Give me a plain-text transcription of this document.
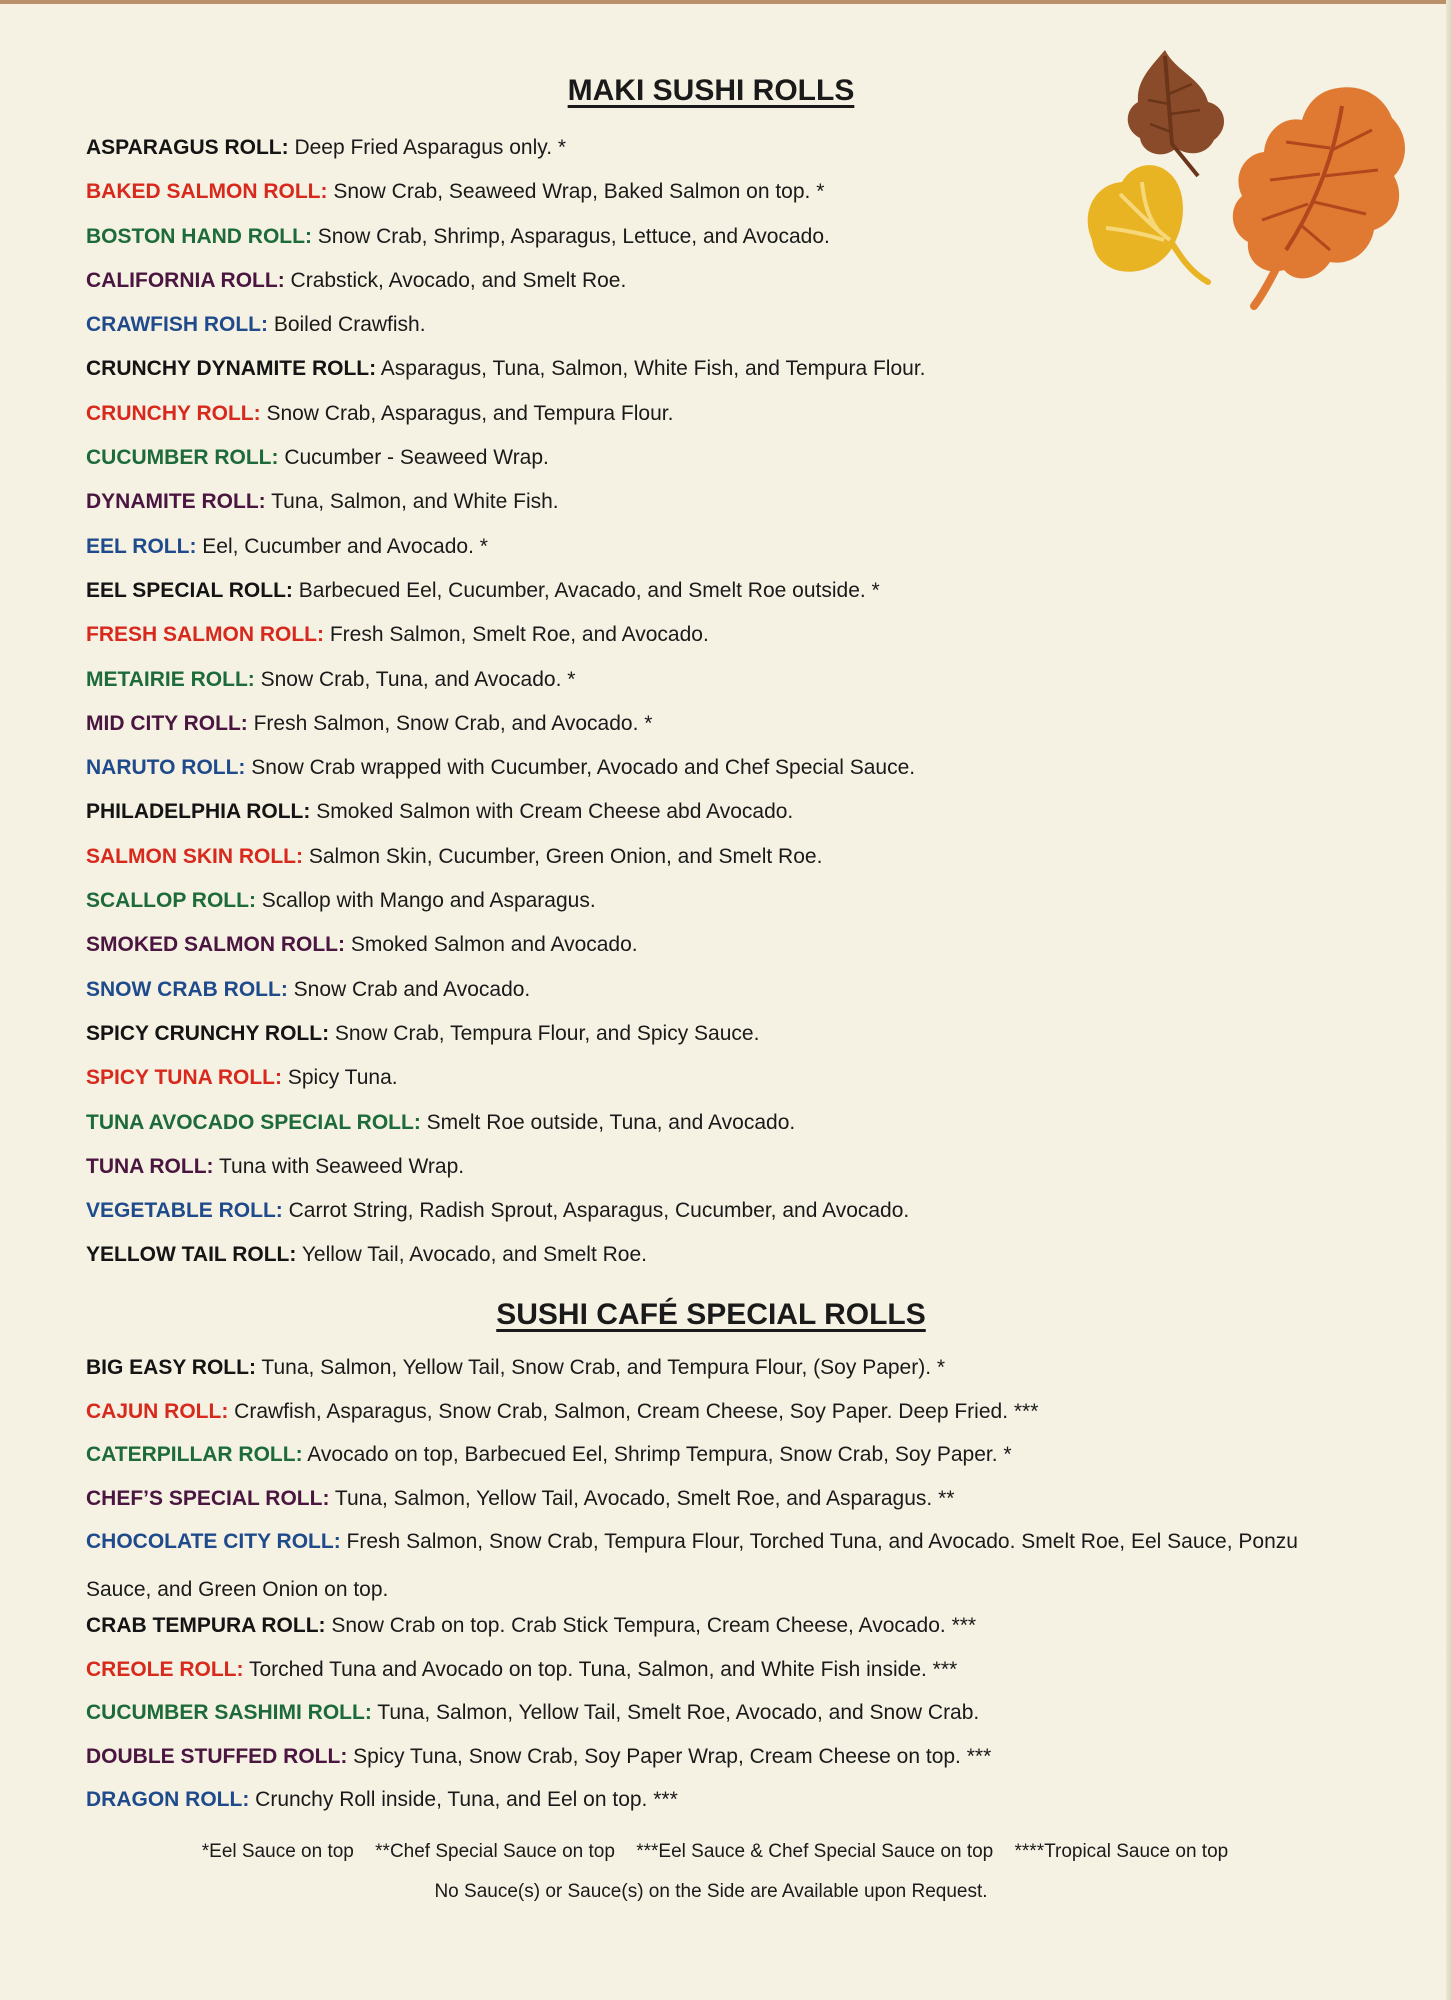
MAKI SUSHI ROLLS
ASPARAGUS ROLL: Deep Fried Asparagus only. *
BAKED SALMON ROLL: Snow Crab, Seaweed Wrap, Baked Salmon on top. *
BOSTON HAND ROLL: Snow Crab, Shrimp, Asparagus, Lettuce, and Avocado.
CALIFORNIA ROLL: Crabstick, Avocado, and Smelt Roe.
CRAWFISH ROLL: Boiled Crawfish.
CRUNCHY DYNAMITE ROLL: Asparagus, Tuna, Salmon, White Fish, and Tempura Flour.
CRUNCHY ROLL: Snow Crab, Asparagus, and Tempura Flour.
CUCUMBER ROLL: Cucumber - Seaweed Wrap.
DYNAMITE ROLL: Tuna, Salmon, and White Fish.
EEL ROLL: Eel, Cucumber and Avocado. *
EEL SPECIAL ROLL: Barbecued Eel, Cucumber, Avacado, and Smelt Roe outside. *
FRESH SALMON ROLL: Fresh Salmon, Smelt Roe, and Avocado.
METAIRIE ROLL: Snow Crab, Tuna, and Avocado. *
MID CITY ROLL: Fresh Salmon, Snow Crab, and Avocado. *
NARUTO ROLL: Snow Crab wrapped with Cucumber, Avocado and Chef Special Sauce.
PHILADELPHIA ROLL: Smoked Salmon with Cream Cheese abd Avocado.
SALMON SKIN ROLL: Salmon Skin, Cucumber, Green Onion, and Smelt Roe.
SCALLOP ROLL: Scallop with Mango and Asparagus.
SMOKED SALMON ROLL: Smoked Salmon and Avocado.
SNOW CRAB ROLL: Snow Crab and Avocado.
SPICY CRUNCHY ROLL: Snow Crab, Tempura Flour, and Spicy Sauce.
SPICY TUNA ROLL: Spicy Tuna.
TUNA AVOCADO SPECIAL ROLL: Smelt Roe outside, Tuna, and Avocado.
TUNA ROLL: Tuna with Seaweed Wrap.
VEGETABLE ROLL: Carrot String, Radish Sprout, Asparagus, Cucumber, and Avocado.
YELLOW TAIL ROLL: Yellow Tail, Avocado, and Smelt Roe.
SUSHI CAFÉ SPECIAL ROLLS
BIG EASY ROLL: Tuna, Salmon, Yellow Tail, Snow Crab, and Tempura Flour, (Soy Paper). *
CAJUN ROLL: Crawfish, Asparagus, Snow Crab, Salmon, Cream Cheese, Soy Paper. Deep Fried. ***
CATERPILLAR ROLL: Avocado on top, Barbecued Eel, Shrimp Tempura, Snow Crab, Soy Paper. *
CHEF’S SPECIAL ROLL: Tuna, Salmon, Yellow Tail, Avocado, Smelt Roe, and Asparagus. **
CHOCOLATE CITY ROLL: Fresh Salmon, Snow Crab, Tempura Flour, Torched Tuna, and Avocado. Smelt Roe, Eel Sauce, Ponzu Sauce, and Green Onion on top.
CRAB TEMPURA ROLL: Snow Crab on top. Crab Stick Tempura, Cream Cheese, Avocado. ***
CREOLE ROLL: Torched Tuna and Avocado on top. Tuna, Salmon, and White Fish inside. ***
CUCUMBER SASHIMI ROLL: Tuna, Salmon, Yellow Tail, Smelt Roe, Avocado, and Snow Crab.
DOUBLE STUFFED ROLL: Spicy Tuna, Snow Crab, Soy Paper Wrap, Cream Cheese on top. ***
DRAGON ROLL: Crunchy Roll inside, Tuna, and Eel on top. ***

*Eel Sauce on top **Chef Special Sauce on top ***Eel Sauce & Chef Special Sauce on top ****Tropical Sauce on top

No Sauce(s) or Sauce(s) on the Side are Available upon Request.
